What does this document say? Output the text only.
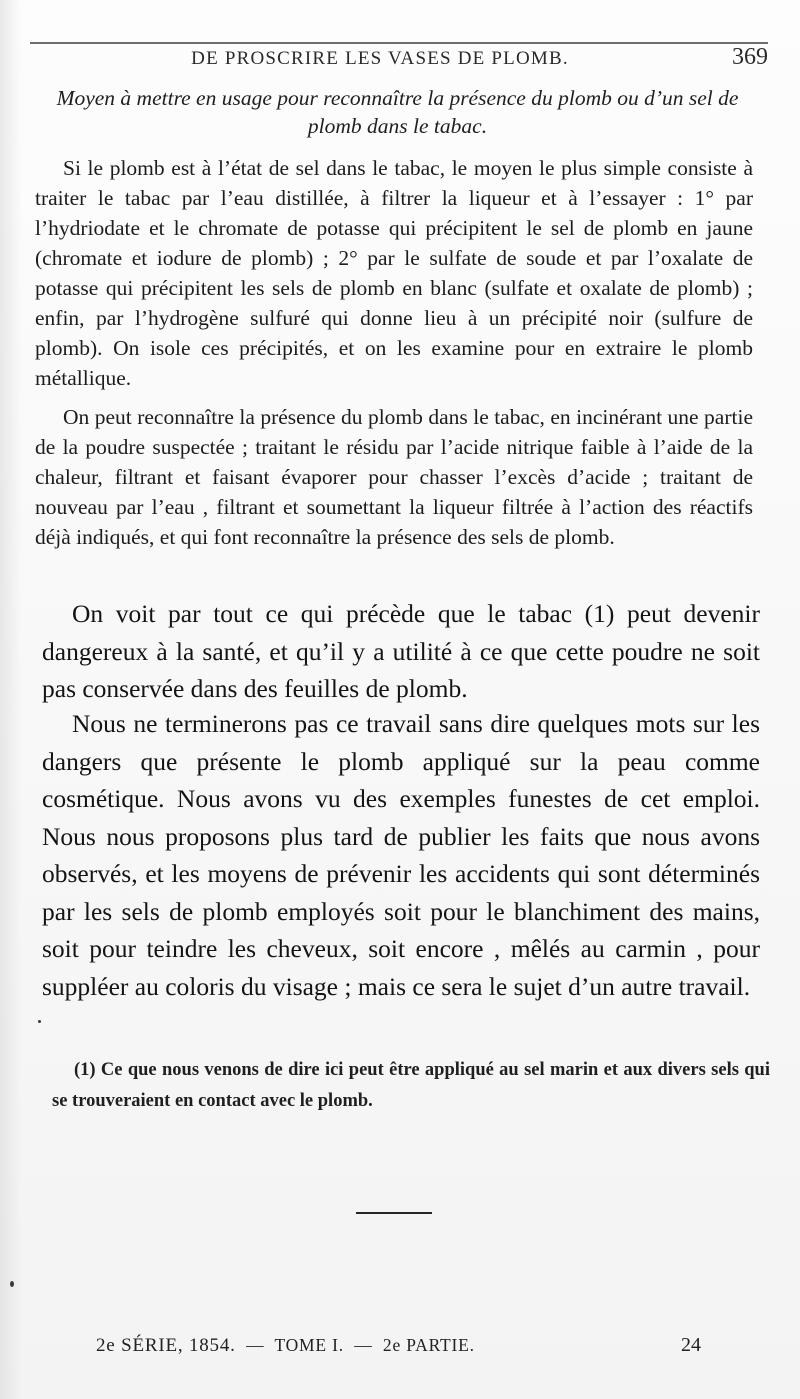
DE PROSCRIRE LES VASES DE PLOMB.	369
Moyen à mettre en usage pour reconnaître la présence du plomb ou d’un sel de plomb dans le tabac.

Si le plomb est à l’état de sel dans le tabac, le moyen le plus simple consiste à traiter le tabac par l’eau distillée, à filtrer la liqueur et à l’essayer : 1° par l’hydriodate et le chromate de potasse qui précipitent le sel de plomb en jaune (chromate et iodure de plomb) ; 2° par le sulfate de soude et par l’oxalate de potasse qui précipitent les sels de plomb en blanc (sulfate et oxalate de plomb) ; enfin, par l’hydrogène sulfuré qui donne lieu à un précipité noir (sulfure de plomb). On isole ces précipités, et on les examine pour en extraire le plomb métallique.

On peut reconnaître la présence du plomb dans le tabac, en incinérant une partie de la poudre suspectée ; traitant le résidu par l’acide nitrique faible à l’aide de la chaleur, filtrant et faisant évaporer pour chasser l’excès d’acide ; traitant de nouveau par l’eau , filtrant et soumettant la liqueur filtrée à l’action des réactifs déjà indiqués, et qui font reconnaître la présence des sels de plomb.

On voit par tout ce qui précède que le tabac (1) peut devenir dangereux à la santé, et qu’il y a utilité à ce que cette poudre ne soit pas conservée dans des feuilles de plomb.

Nous ne terminerons pas ce travail sans dire quelques mots sur les dangers que présente le plomb appliqué sur la peau comme cosmétique. Nous avons vu des exemples funestes de cet emploi. Nous nous proposons plus tard de publier les faits que nous avons observés, et les moyens de prévenir les accidents qui sont déterminés par les sels de plomb employés soit pour le blanchiment des mains, soit pour teindre les cheveux, soit encore , mêlés au carmin , pour suppléer au coloris du visage ; mais ce sera le sujet d’un autre travail.

(1) Ce que nous venons de dire ici peut être appliqué au sel marin et aux divers sels qui se trouveraient en contact avec le plomb.

2e SÉRIE, 1854. — TOME I. — 2e PARTIE.	24
